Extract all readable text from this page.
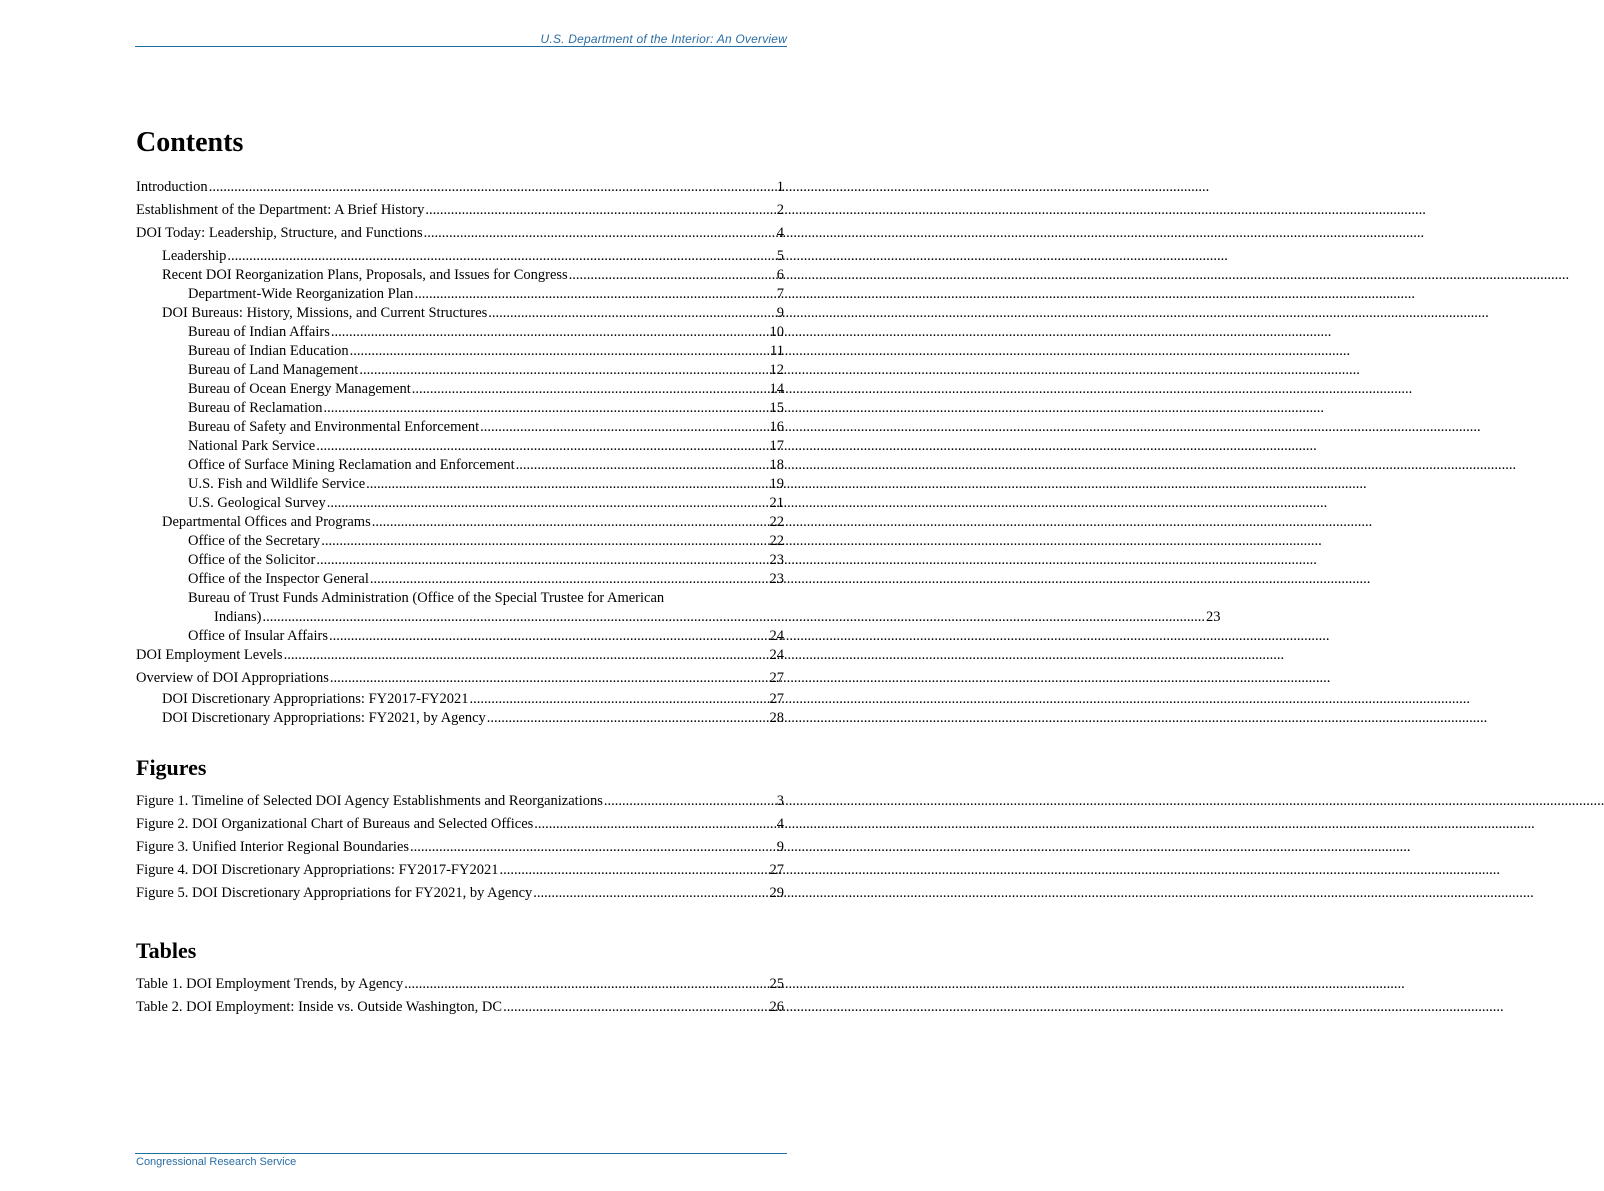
U.S. Department of the Interior: An Overview
Contents
Introduction .....	1
Establishment of the Department: A Brief History .....	2
DOI Today: Leadership, Structure, and Functions .....	4
Leadership .....	5
Recent DOI Reorganization Plans, Proposals, and Issues for Congress .....	6
Department-Wide Reorganization Plan .....	7
DOI Bureaus: History, Missions, and Current Structures .....	9
Bureau of Indian Affairs .....	10
Bureau of Indian Education .....	11
Bureau of Land Management .....	12
Bureau of Ocean Energy Management .....	14
Bureau of Reclamation .....	15
Bureau of Safety and Environmental Enforcement .....	16
National Park Service .....	17
Office of Surface Mining Reclamation and Enforcement .....	18
U.S. Fish and Wildlife Service .....	19
U.S. Geological Survey .....	21
Departmental Offices and Programs .....	22
Office of the Secretary .....	22
Office of the Solicitor .....	23
Office of the Inspector General .....	23
Bureau of Trust Funds Administration (Office of the Special Trustee for American
Indians) .................................................................................................................................................................................................................................................................... 23
Office of Insular Affairs .....	24
DOI Employment Levels .....	24
Overview of DOI Appropriations .....	27
DOI Discretionary Appropriations: FY2017-FY2021 .....	27
DOI Discretionary Appropriations: FY2021, by Agency .....	28
Figures
Figure 1. Timeline of Selected DOI Agency Establishments and Reorganizations .....	3
Figure 2. DOI Organizational Chart of Bureaus and Selected Offices .....	4
Figure 3. Unified Interior Regional Boundaries .....	9
Figure 4. DOI Discretionary Appropriations: FY2017-FY2021 .....	27
Figure 5. DOI Discretionary Appropriations for FY2021, by Agency .....	29
Tables
Table 1. DOI Employment Trends, by Agency .....	25
Table 2. DOI Employment: Inside vs. Outside Washington, DC .....	26
Congressional Research Service
